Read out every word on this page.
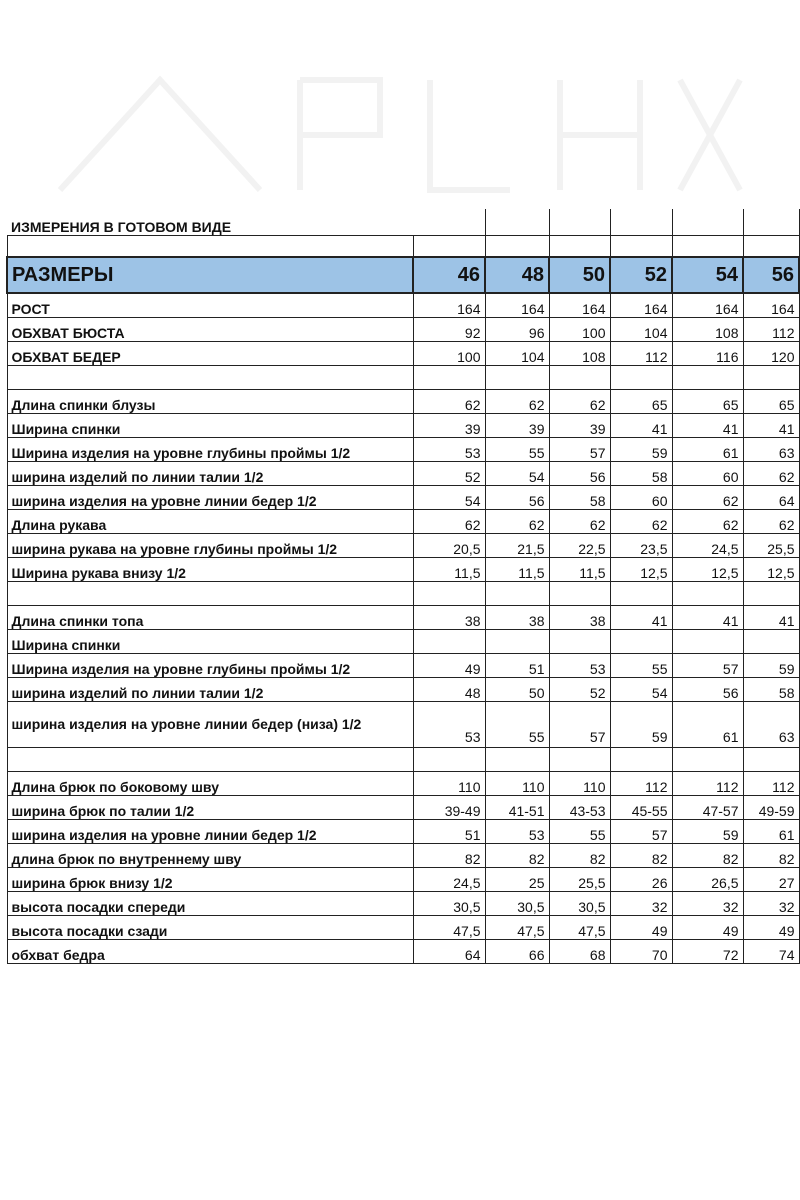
ИЗМЕРЕНИЯ В ГОТОВОМ ВИДЕ						

РАЗМЕРЫ	46	48	50	52	54	56
РОСТ	164	164	164	164	164	164
ОБХВАТ БЮСТА	92	96	100	104	108	112
ОБХВАТ БЕДЕР	100	104	108	112	116	120

Длина спинки блузы	62	62	62	65	65	65
Ширина спинки	39	39	39	41	41	41
Ширина изделия на уровне глубины проймы 1/2	53	55	57	59	61	63
ширина изделий по линии талии 1/2	52	54	56	58	60	62
ширина изделия на уровне линии бедер 1/2	54	56	58	60	62	64
Длина рукава	62	62	62	62	62	62
ширина рукава на уровне глубины проймы 1/2	20,5	21,5	22,5	23,5	24,5	25,5
Ширина рукава внизу 1/2	11,5	11,5	11,5	12,5	12,5	12,5

Длина спинки топа	38	38	38	41	41	41
Ширина спинки						
Ширина изделия на уровне глубины проймы 1/2	49	51	53	55	57	59
ширина изделий по линии талии 1/2	48	50	52	54	56	58
ширина изделия на уровне линии бедер (низа) 1/2	53	55	57	59	61	63

Длина брюк по боковому шву	110	110	110	112	112	112
ширина брюк по талии 1/2	39-49	41-51	43-53	45-55	47-57	49-59
ширина изделия на уровне линии бедер 1/2	51	53	55	57	59	61
длина брюк по внутреннему шву	82	82	82	82	82	82
ширина брюк внизу 1/2	24,5	25	25,5	26	26,5	27
высота посадки спереди	30,5	30,5	30,5	32	32	32
высота посадки сзади	47,5	47,5	47,5	49	49	49
обхват бедра	64	66	68	70	72	74
